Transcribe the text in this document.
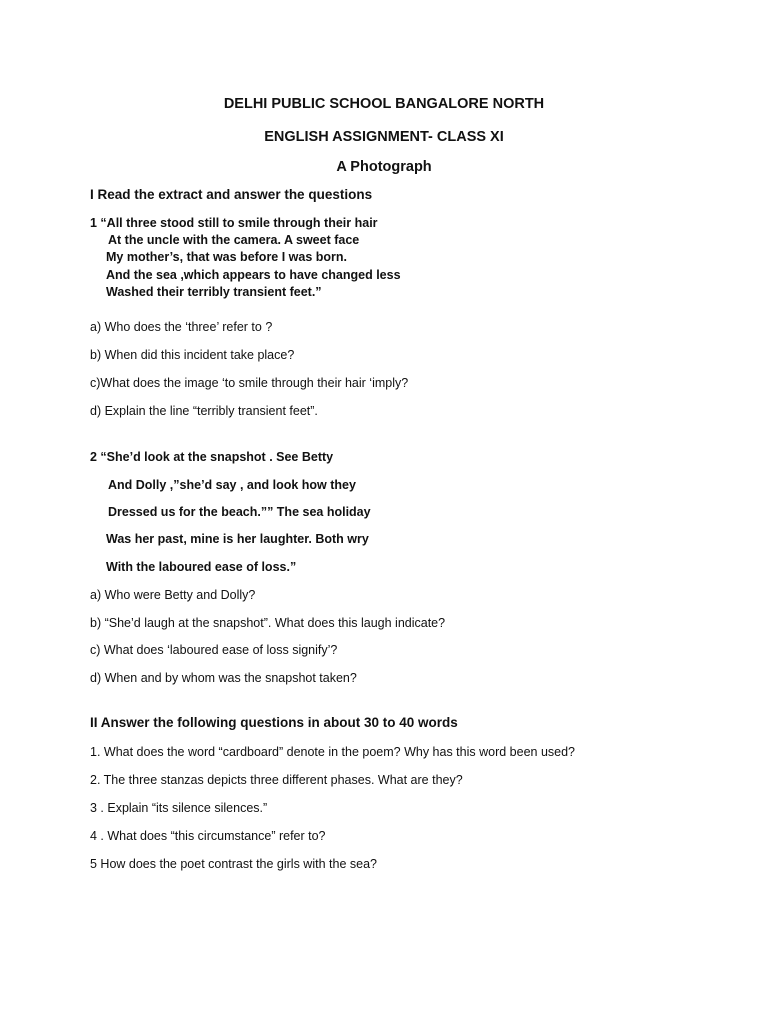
DELHI PUBLIC SCHOOL BANGALORE NORTH
ENGLISH ASSIGNMENT- CLASS XI
A Photograph
I Read the extract and answer the questions
1 “All three stood still to smile through their hair
At the uncle with the camera. A sweet face
My mother’s, that was before I was born.
And the sea ,which appears to have changed less
Washed their terribly transient feet.”
a) Who does the ‘three’ refer to ?
b) When did this incident take place?
c)What does the image ‘to smile through their hair ‘imply?
d) Explain the line “terribly transient feet”.
2 “She’d look at the snapshot . See Betty
And Dolly ,”she’d say , and look how they
Dressed us for the beach.”” The sea holiday
Was her past, mine is her laughter. Both wry
With the laboured ease of loss.”
a) Who were Betty and Dolly?
b) “She’d laugh at the snapshot”. What does this laugh indicate?
c) What does ‘laboured ease of loss signify’?
d) When and by whom was the snapshot taken?
II Answer the following questions in about 30 to 40 words
1. What does the word “cardboard” denote in the poem? Why has this word been used?
2. The three stanzas depicts three different phases. What are they?
3 . Explain “its silence silences.”
4 . What does “this circumstance” refer to?
5 How does the poet contrast the girls with the sea?
